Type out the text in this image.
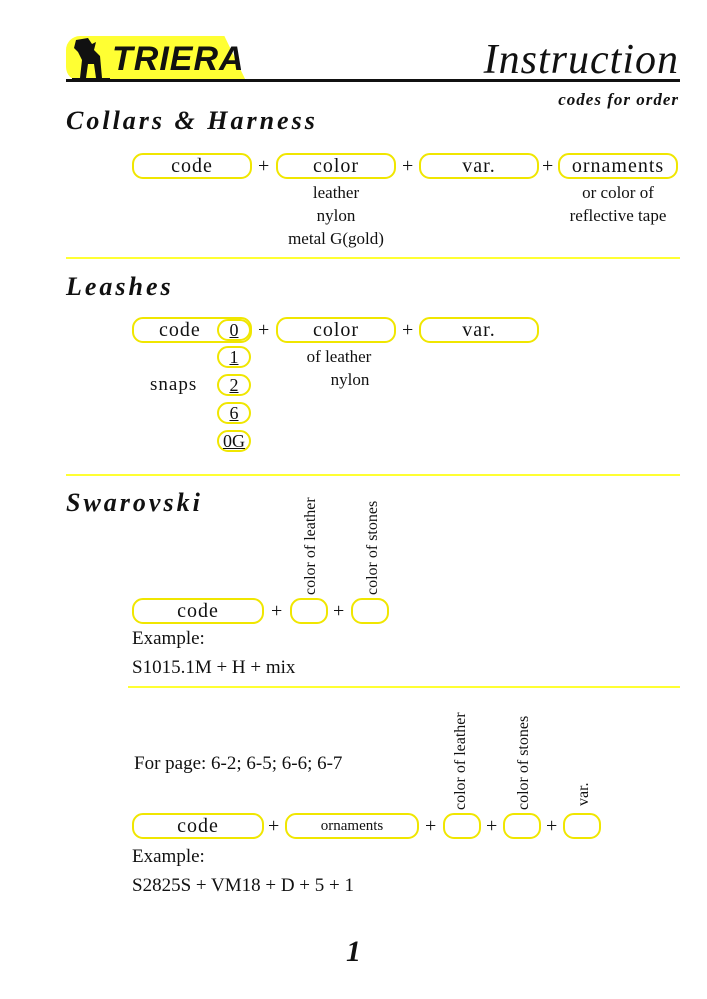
TRIERA	Instruction
codes for order
Collars & Harness
code	+	color	+	var.	+ ornaments
leather
nylon
metal G(gold)
or color of
reflective tape
Leashes
code	0 +	color	+	var.
1
2
6
0G
snaps
of leather
nylon
Swarovski	color of leather	color of stones
code	+	+
Example:
S1015.1M + H + mix
For page: 6-2; 6-5; 6-6; 6-7	color of leather	color of stones	var.
code	+	ornaments	+ + +
Example:
S2825S + VM18 + D + 5 + 1
1
